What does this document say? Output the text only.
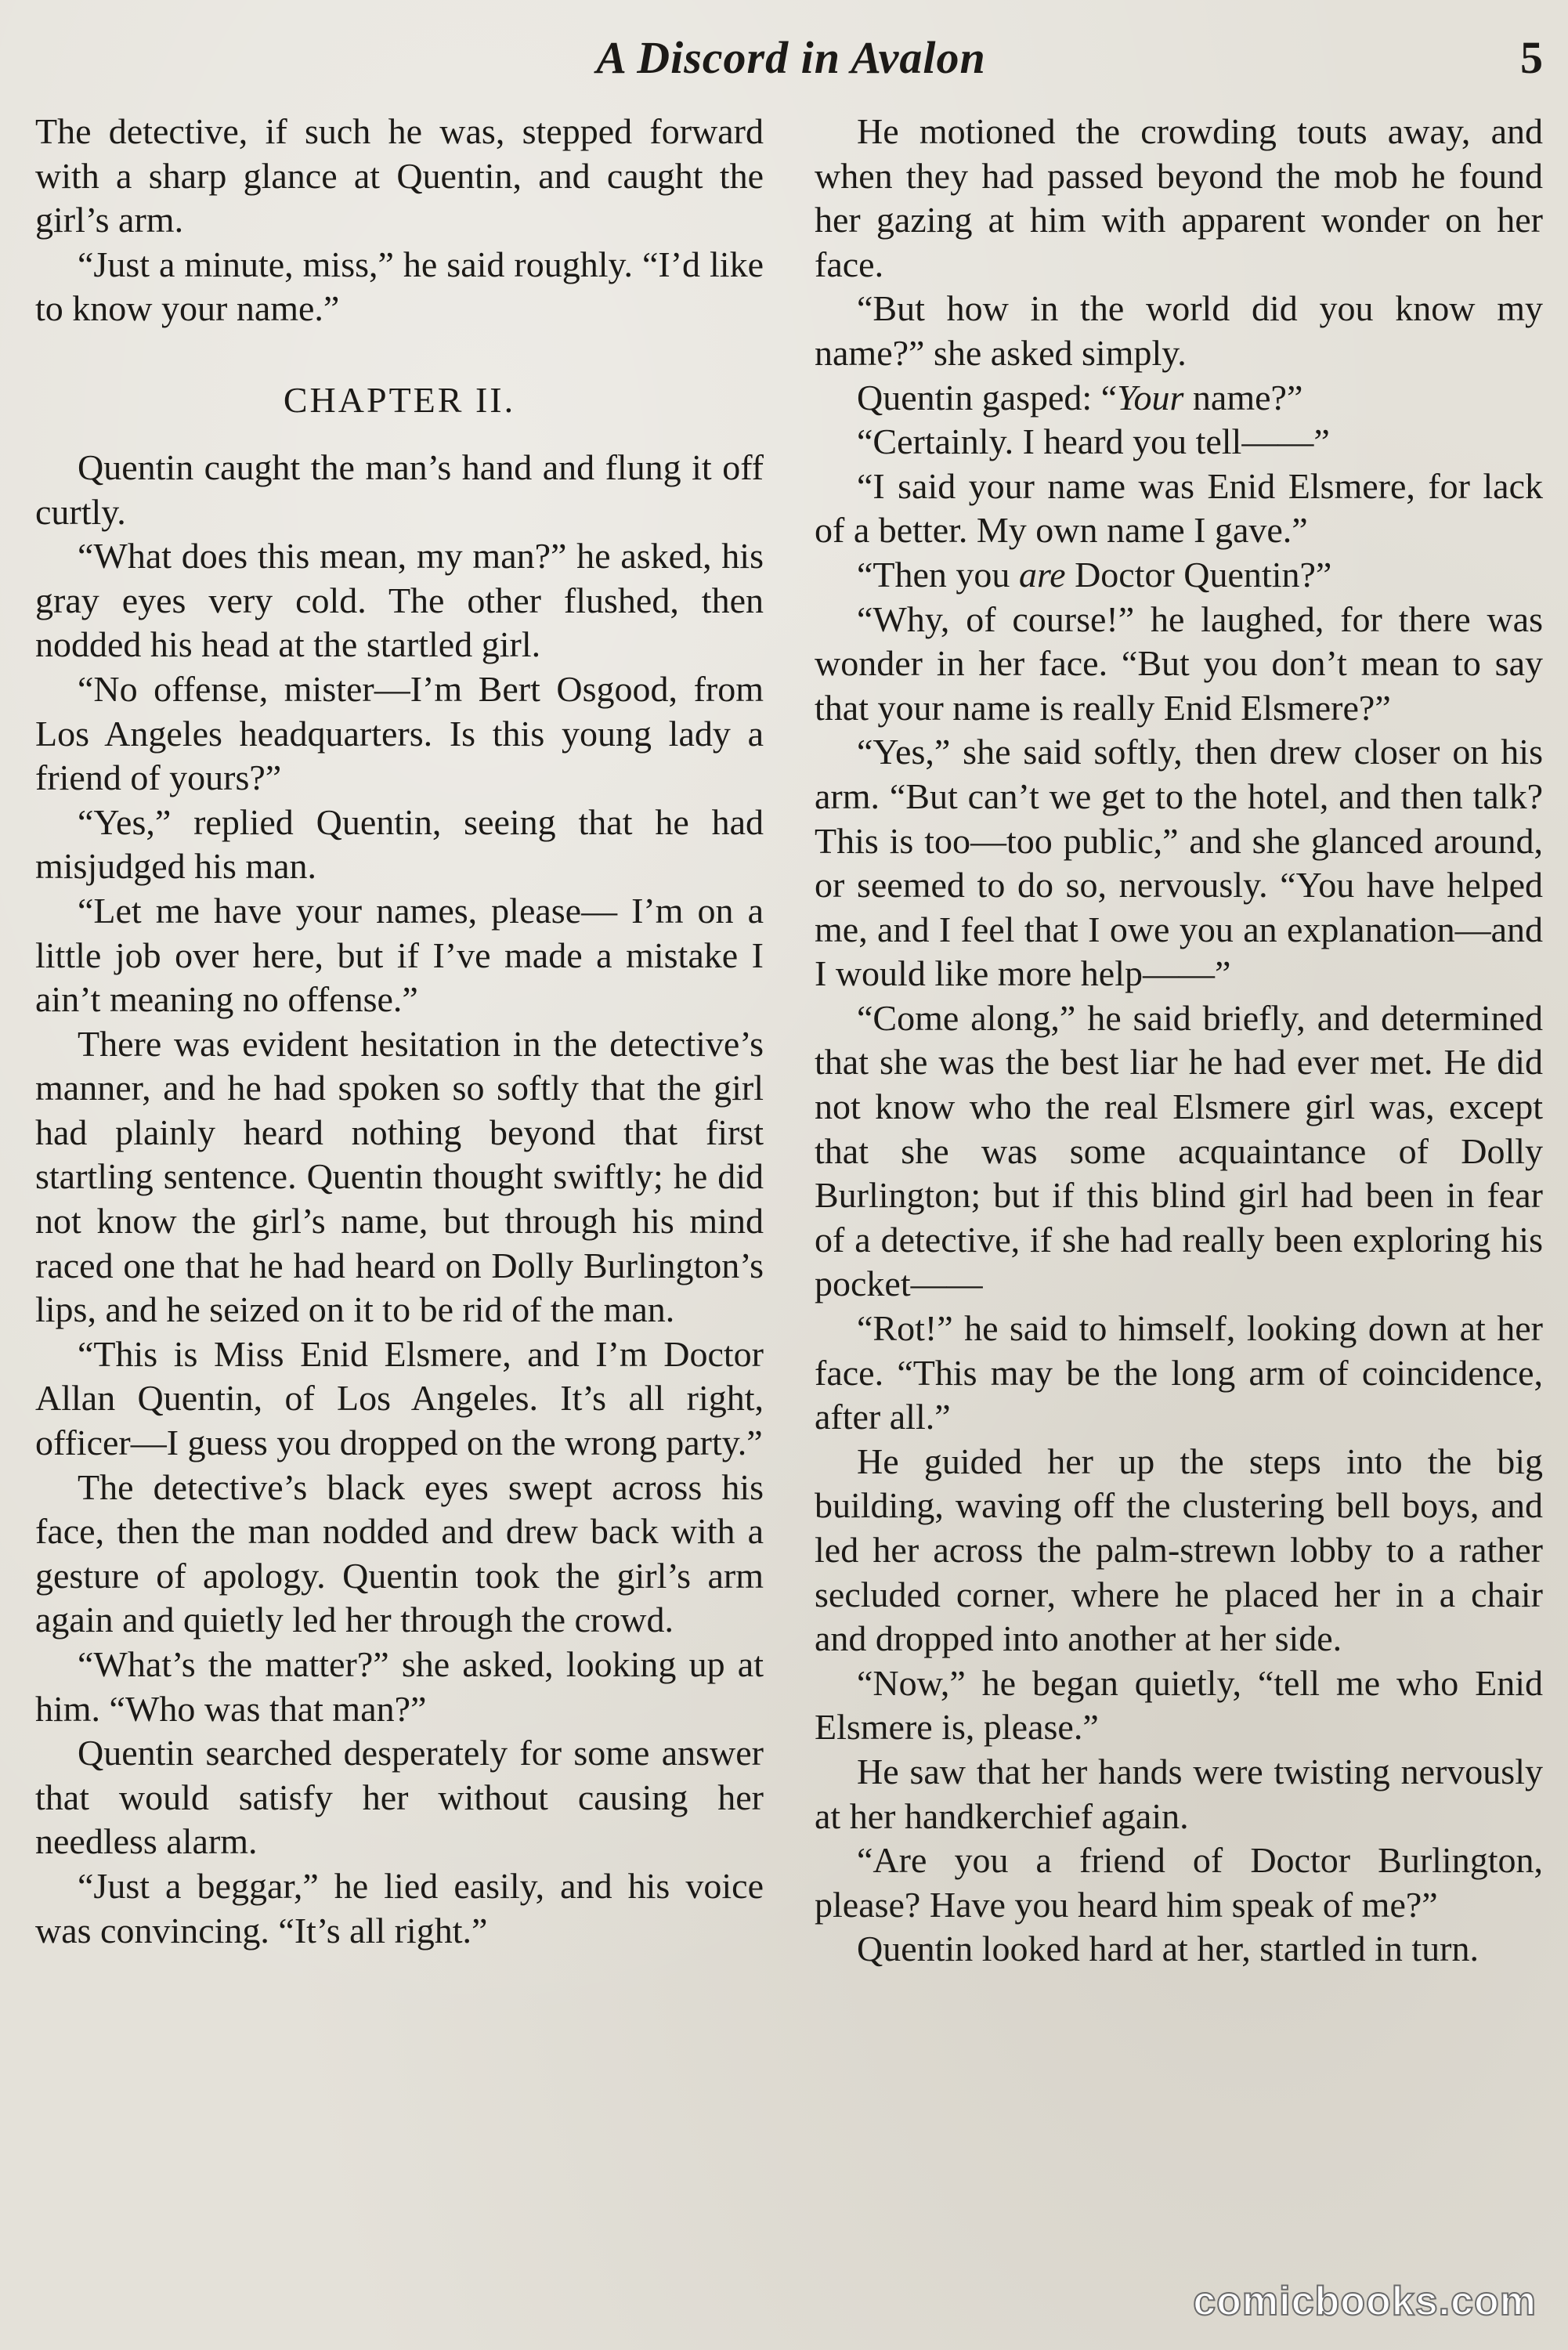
A Discord in Avalon	5

The detective, if such he was, stepped forward with a sharp glance at Quentin, and caught the girl’s arm.

“Just a minute, miss,” he said roughly. “I’d like to know your name.”

CHAPTER II.

Quentin caught the man’s hand and flung it off curtly.

“What does this mean, my man?” he asked, his gray eyes very cold. The other flushed, then nodded his head at the startled girl.

“No offense, mister—I’m Bert Osgood, from Los Angeles headquarters. Is this young lady a friend of yours?”

“Yes,” replied Quentin, seeing that he had misjudged his man.

“Let me have your names, please— I’m on a little job over here, but if I’ve made a mistake I ain’t meaning no offense.”

There was evident hesitation in the detective’s manner, and he had spoken so softly that the girl had plainly heard nothing beyond that first startling sentence. Quentin thought swiftly; he did not know the girl’s name, but through his mind raced one that he had heard on Dolly Burlington’s lips, and he seized on it to be rid of the man.

“This is Miss Enid Elsmere, and I’m Doctor Allan Quentin, of Los Angeles. It’s all right, officer—I guess you dropped on the wrong party.”

The detective’s black eyes swept across his face, then the man nodded and drew back with a gesture of apology. Quentin took the girl’s arm again and quietly led her through the crowd.

“What’s the matter?” she asked, looking up at him. “Who was that man?”

Quentin searched desperately for some answer that would satisfy her without causing her needless alarm.

“Just a beggar,” he lied easily, and his voice was convincing. “It’s all right.”

He motioned the crowding touts away, and when they had passed beyond the mob he found her gazing at him with apparent wonder on her face.

“But how in the world did you know my name?” she asked simply.

Quentin gasped: “Your name?”

“Certainly. I heard you tell——”

“I said your name was Enid Elsmere, for lack of a better. My own name I gave.”

“Then you are Doctor Quentin?”

“Why, of course!” he laughed, for there was wonder in her face. “But you don’t mean to say that your name is really Enid Elsmere?”

“Yes,” she said softly, then drew closer on his arm. “But can’t we get to the hotel, and then talk? This is too—too public,” and she glanced around, or seemed to do so, nervously. “You have helped me, and I feel that I owe you an explanation—and I would like more help——”

“Come along,” he said briefly, and determined that she was the best liar he had ever met. He did not know who the real Elsmere girl was, except that she was some acquaintance of Dolly Burlington; but if this blind girl had been in fear of a detective, if she had really been exploring his pocket——

“Rot!” he said to himself, looking down at her face. “This may be the long arm of coincidence, after all.”

He guided her up the steps into the big building, waving off the clustering bell boys, and led her across the palm-strewn lobby to a rather secluded corner, where he placed her in a chair and dropped into another at her side.

“Now,” he began quietly, “tell me who Enid Elsmere is, please.”

He saw that her hands were twisting nervously at her handkerchief again.

“Are you a friend of Doctor Burlington, please? Have you heard him speak of me?”

Quentin looked hard at her, startled in turn.

comicbooks.com
